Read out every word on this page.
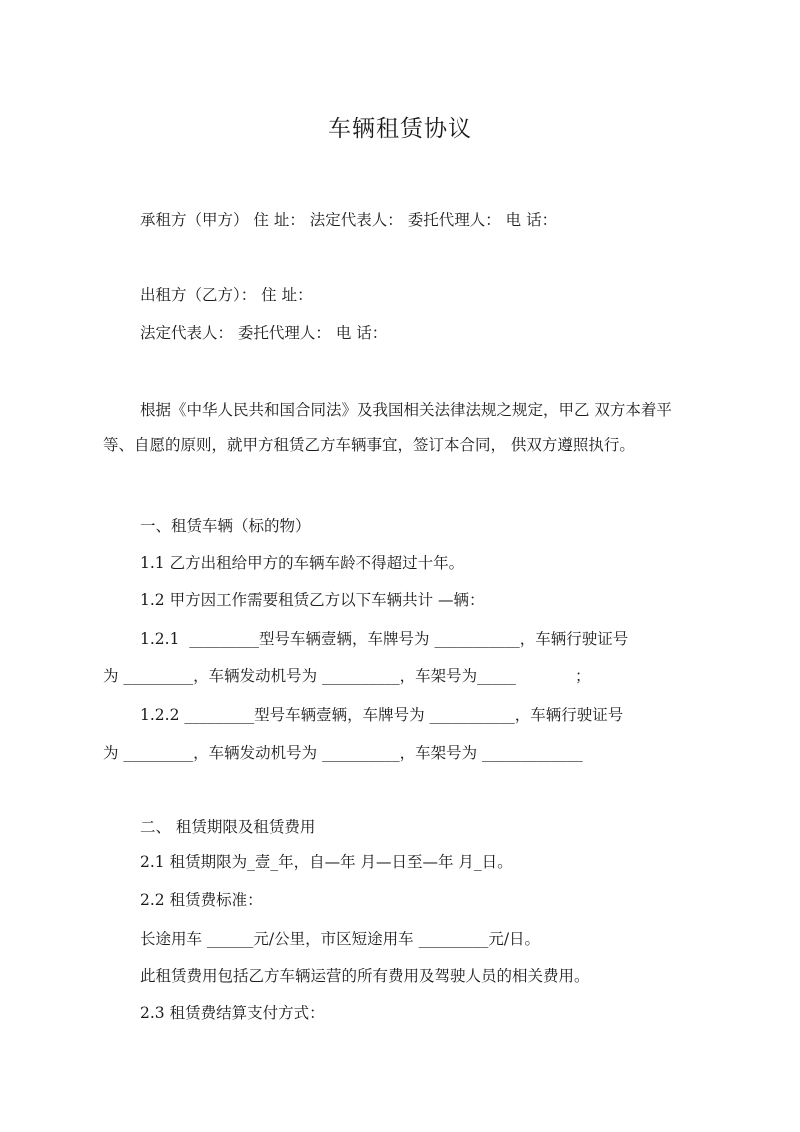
车辆租赁协议
承租方（甲方） 住 址： 法定代表人： 委托代理人： 电 话：
出租方（乙方）： 住 址：
法定代表人： 委托代理人： 电 话：
根据《中华人民共和国合同法》及我国相关法律法规之规定，甲乙 双方本着平
等、自愿的原则，就甲方租赁乙方车辆事宜，签订本合同， 供双方遵照执行。
一、租赁车辆（标的物）
1.1 乙方出租给甲方的车辆车龄不得超过十年。
1.2 甲方因工作需要租赁乙方以下车辆共计 —辆：
1.2.1  _________型号车辆壹辆，车牌号为 ___________，车辆行驶证号
为 _________，车辆发动机号为 __________，车架号为_____            ；
1.2.2 _________型号车辆壹辆，车牌号为 ___________，车辆行驶证号
为 _________，车辆发动机号为 __________，车架号为 _____________
二、 租赁期限及租赁费用
2.1 租赁期限为_壹_年，自—年 月—日至—年 月_日。
2.2 租赁费标准：
长途用车 ______元/公里，市区短途用车 _________元/日。
此租赁费用包括乙方车辆运营的所有费用及驾驶人员的相关费用。
2.3 租赁费结算支付方式：
